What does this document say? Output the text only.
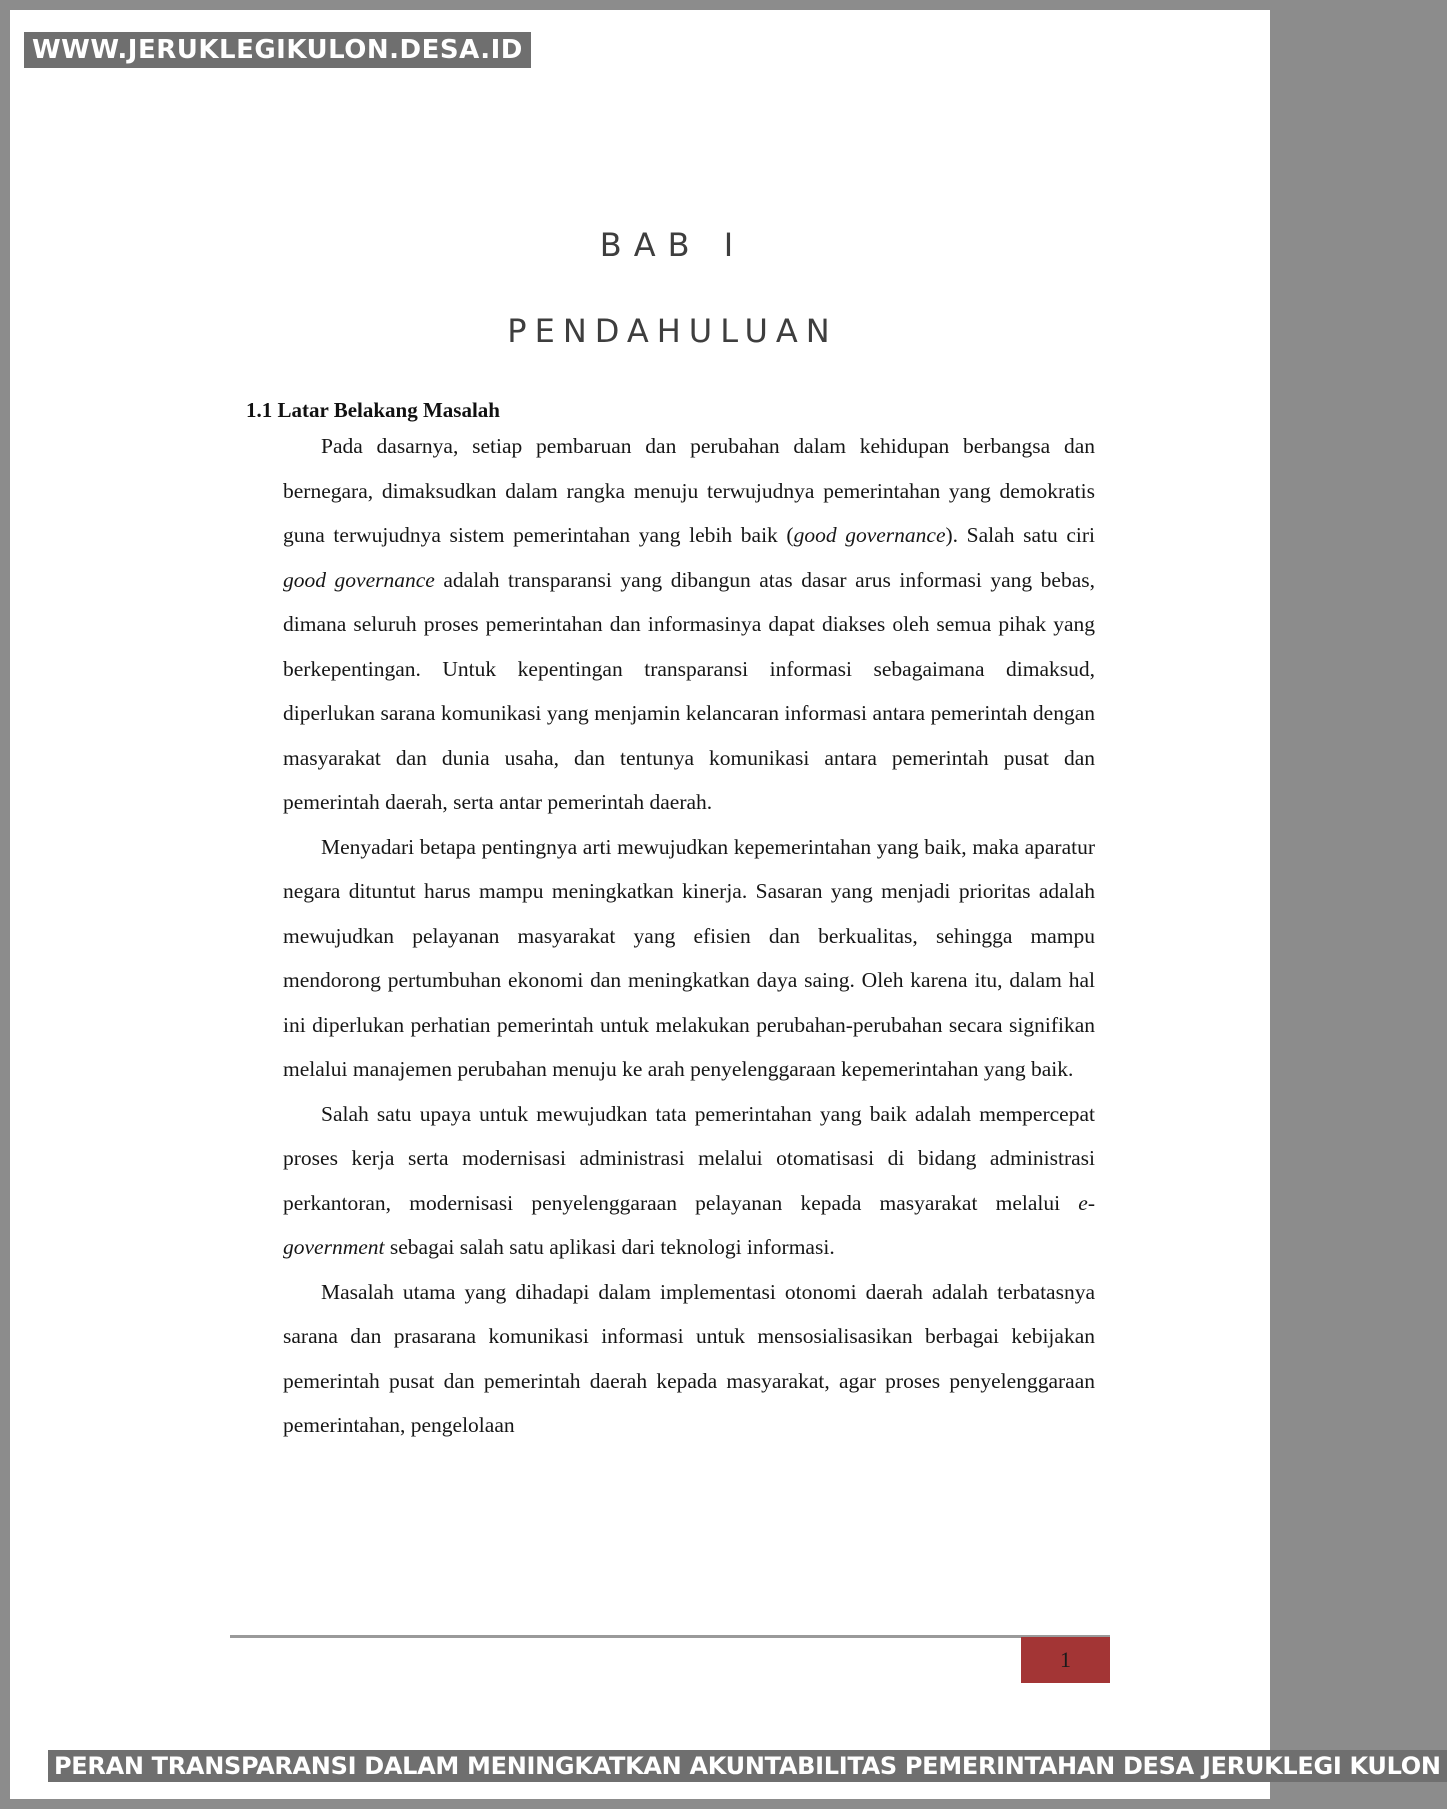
WWW.JERUKLEGIKULON.DESA.ID
BAB I
PENDAHULUAN
1.1 Latar Belakang Masalah

Pada dasarnya, setiap pembaruan dan perubahan dalam kehidupan berbangsa dan bernegara, dimaksudkan dalam rangka menuju terwujudnya pemerintahan yang demokratis guna terwujudnya sistem pemerintahan yang lebih baik (good governance). Salah satu ciri good governance adalah transparansi yang dibangun atas dasar arus informasi yang bebas, dimana seluruh proses pemerintahan dan informasinya dapat diakses oleh semua pihak yang berkepentingan. Untuk kepentingan transparansi informasi sebagaimana dimaksud, diperlukan sarana komunikasi yang menjamin kelancaran informasi antara pemerintah dengan masyarakat dan dunia usaha, dan tentunya komunikasi antara pemerintah pusat dan pemerintah daerah, serta antar pemerintah daerah.

Menyadari betapa pentingnya arti mewujudkan kepemerintahan yang baik, maka aparatur negara dituntut harus mampu meningkatkan kinerja. Sasaran yang menjadi prioritas adalah mewujudkan pelayanan masyarakat yang efisien dan berkualitas, sehingga mampu mendorong pertumbuhan ekonomi dan meningkatkan daya saing. Oleh karena itu, dalam hal ini diperlukan perhatian pemerintah untuk melakukan perubahan-perubahan secara signifikan melalui manajemen perubahan menuju ke arah penyelenggaraan kepemerintahan yang baik.

Salah satu upaya untuk mewujudkan tata pemerintahan yang baik adalah mempercepat proses kerja serta modernisasi administrasi melalui otomatisasi di bidang administrasi perkantoran, modernisasi penyelenggaraan pelayanan kepada masyarakat melalui e-government sebagai salah satu aplikasi dari teknologi informasi.

Masalah utama yang dihadapi dalam implementasi otonomi daerah adalah terbatasnya sarana dan prasarana komunikasi informasi untuk mensosialisasikan berbagai kebijakan pemerintah pusat dan pemerintah daerah kepada masyarakat, agar proses penyelenggaraan pemerintahan, pengelolaan

1
PERAN TRANSPARANSI DALAM MENINGKATKAN AKUNTABILITAS PEMERINTAHAN DESA JERUKLEGI KULON
